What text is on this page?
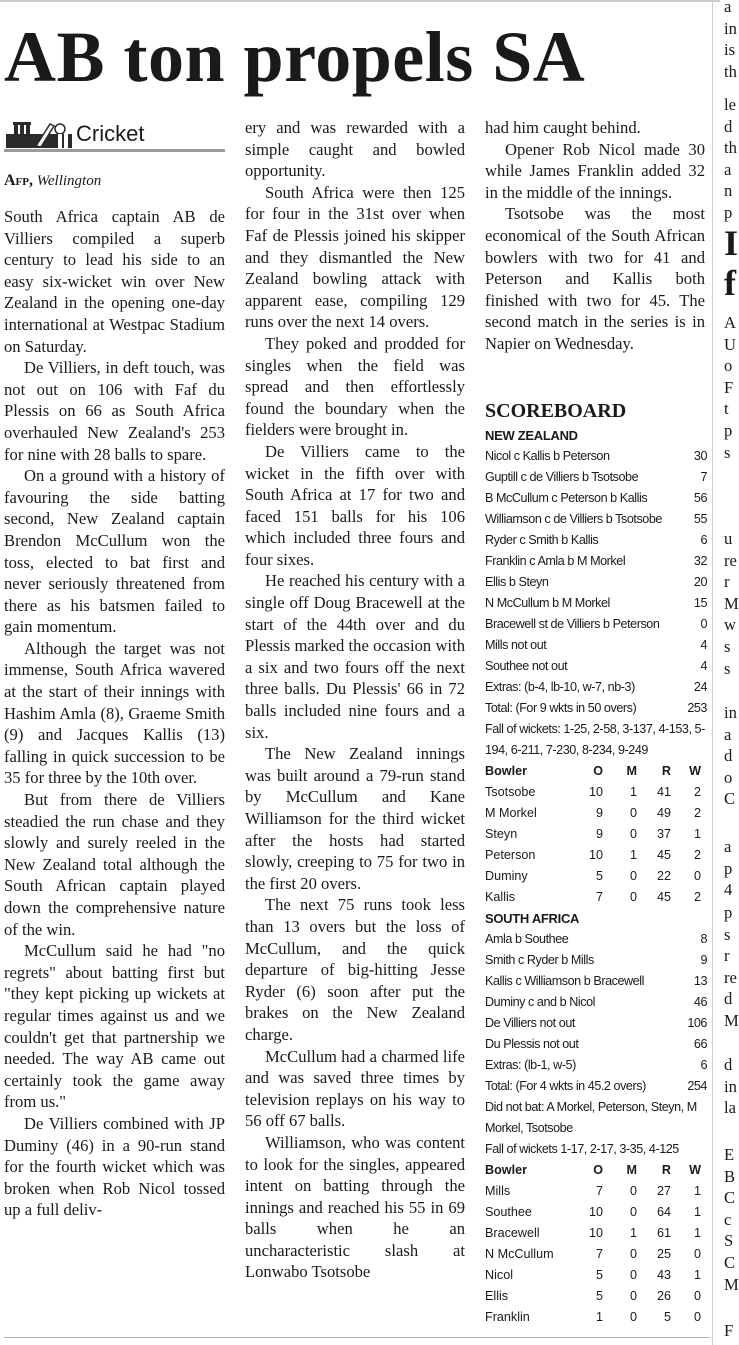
AB ton propels SA
Cricket
Afp, Wellington

South Africa captain AB de Villiers compiled a superb century to lead his side to an easy six-wicket win over New Zealand in the opening one-day international at Westpac Stadium on Saturday.

De Villiers, in deft touch, was not out on 106 with Faf du Plessis on 66 as South Africa overhauled New Zealand's 253 for nine with 28 balls to spare.

On a ground with a history of favouring the side batting second, New Zealand captain Brendon McCullum won the toss, elected to bat first and never seriously threatened from there as his batsmen failed to gain momentum.

Although the target was not immense, South Africa wavered at the start of their innings with Hashim Amla (8), Graeme Smith (9) and Jacques Kallis (13) falling in quick succession to be 35 for three by the 10th over.

But from there de Villiers steadied the run chase and they slowly and surely reeled in the New Zealand total although the South African captain played down the comprehensive nature of the win.

McCullum said he had "no regrets" about batting first but "they kept picking up wickets at regular times against us and we couldn't get that partnership we needed. The way AB came out certainly took the game away from us."

De Villiers combined with JP Duminy (46) in a 90-run stand for the fourth wicket which was broken when Rob Nicol tossed up a full deliv-

ery and was rewarded with a simple caught and bowled opportunity.

South Africa were then 125 for four in the 31st over when Faf de Plessis joined his skipper and they dismantled the New Zealand bowling attack with apparent ease, compiling 129 runs over the next 14 overs.

They poked and prodded for singles when the field was spread and then effortlessly found the boundary when the fielders were brought in.

De Villiers came to the wicket in the fifth over with South Africa at 17 for two and faced 151 balls for his 106 which included three fours and four sixes.

He reached his century with a single off Doug Bracewell at the start of the 44th over and du Plessis marked the occasion with a six and two fours off the next three balls. Du Plessis' 66 in 72 balls included nine fours and a six.

The New Zealand innings was built around a 79-run stand by McCullum and Kane Williamson for the third wicket after the hosts had started slowly, creeping to 75 for two in the first 20 overs.

The next 75 runs took less than 13 overs but the loss of McCullum, and the quick departure of big-hitting Jesse Ryder (6) soon after put the brakes on the New Zealand charge.

McCullum had a charmed life and was saved three times by television replays on his way to 56 off 67 balls.

Williamson, who was content to look for the singles, appeared intent on batting through the innings and reached his 55 in 69 balls when he an uncharacteristic slash at Lonwabo Tsotsobe

had him caught behind.

Opener Rob Nicol made 30 while James Franklin added 32 in the middle of the innings.

Tsotsobe was the most economical of the South African bowlers with two for 41 and Peterson and Kallis both finished with two for 45. The second match in the series is in Napier on Wednesday.

SCOREBOARD
NEW ZEALAND
Nicol c Kallis b Peterson	30
Guptill c de Villiers b Tsotsobe	7
B McCullum c Peterson b Kallis	56
Williamson c de Villiers b Tsotsobe	55
Ryder c Smith b Kallis	6
Franklin c Amla b M Morkel	32
Ellis b Steyn	20
N McCullum b M Morkel	15
Bracewell st de Villiers b Peterson	0
Mills not out	4
Southee not out	4
Extras: (b-4, lb-10, w-7, nb-3)	24
Total: (For 9 wkts in 50 overs)	253
Fall of wickets: 1-25, 2-58, 3-137, 4-153, 5-194, 6-211, 7-230, 8-234, 9-249
Bowler	O	M	R	W
Tsotsobe	10	1	41	2
M Morkel	9	0	49	2
Steyn	9	0	37	1
Peterson	10	1	45	2
Duminy	5	0	22	0
Kallis	7	0	45	2
SOUTH AFRICA
Amla b Southee	8
Smith c Ryder b Mills	9
Kallis c Williamson b Bracewell	13
Duminy c and b Nicol	46
De Villiers not out	106
Du Plessis not out	66
Extras: (lb-1, w-5)	6
Total: (For 4 wkts in 45.2 overs)	254
Did not bat: A Morkel, Peterson, Steyn, M Morkel, Tsotsobe
Fall of wickets 1-17, 2-17, 3-35, 4-125
Bowler	O	M	R	W
Mills	7	0	27	1
Southee	10	0	64	1
Bracewell	10	1	61	1
N McCullum	7	0	25	0
Nicol	5	0	43	1
Ellis	5	0	26	0
Franklin	1	0	5	0
a
in
is
th
le
d
th
a
n
p
I
f
A
U
o
F
t
p
s
u
re
r
M
w
s
s
in
a
d
o
C
a
p
4
p
s
r
re
d
M
d
in
la
E
B
C
c
S
C
M
F
